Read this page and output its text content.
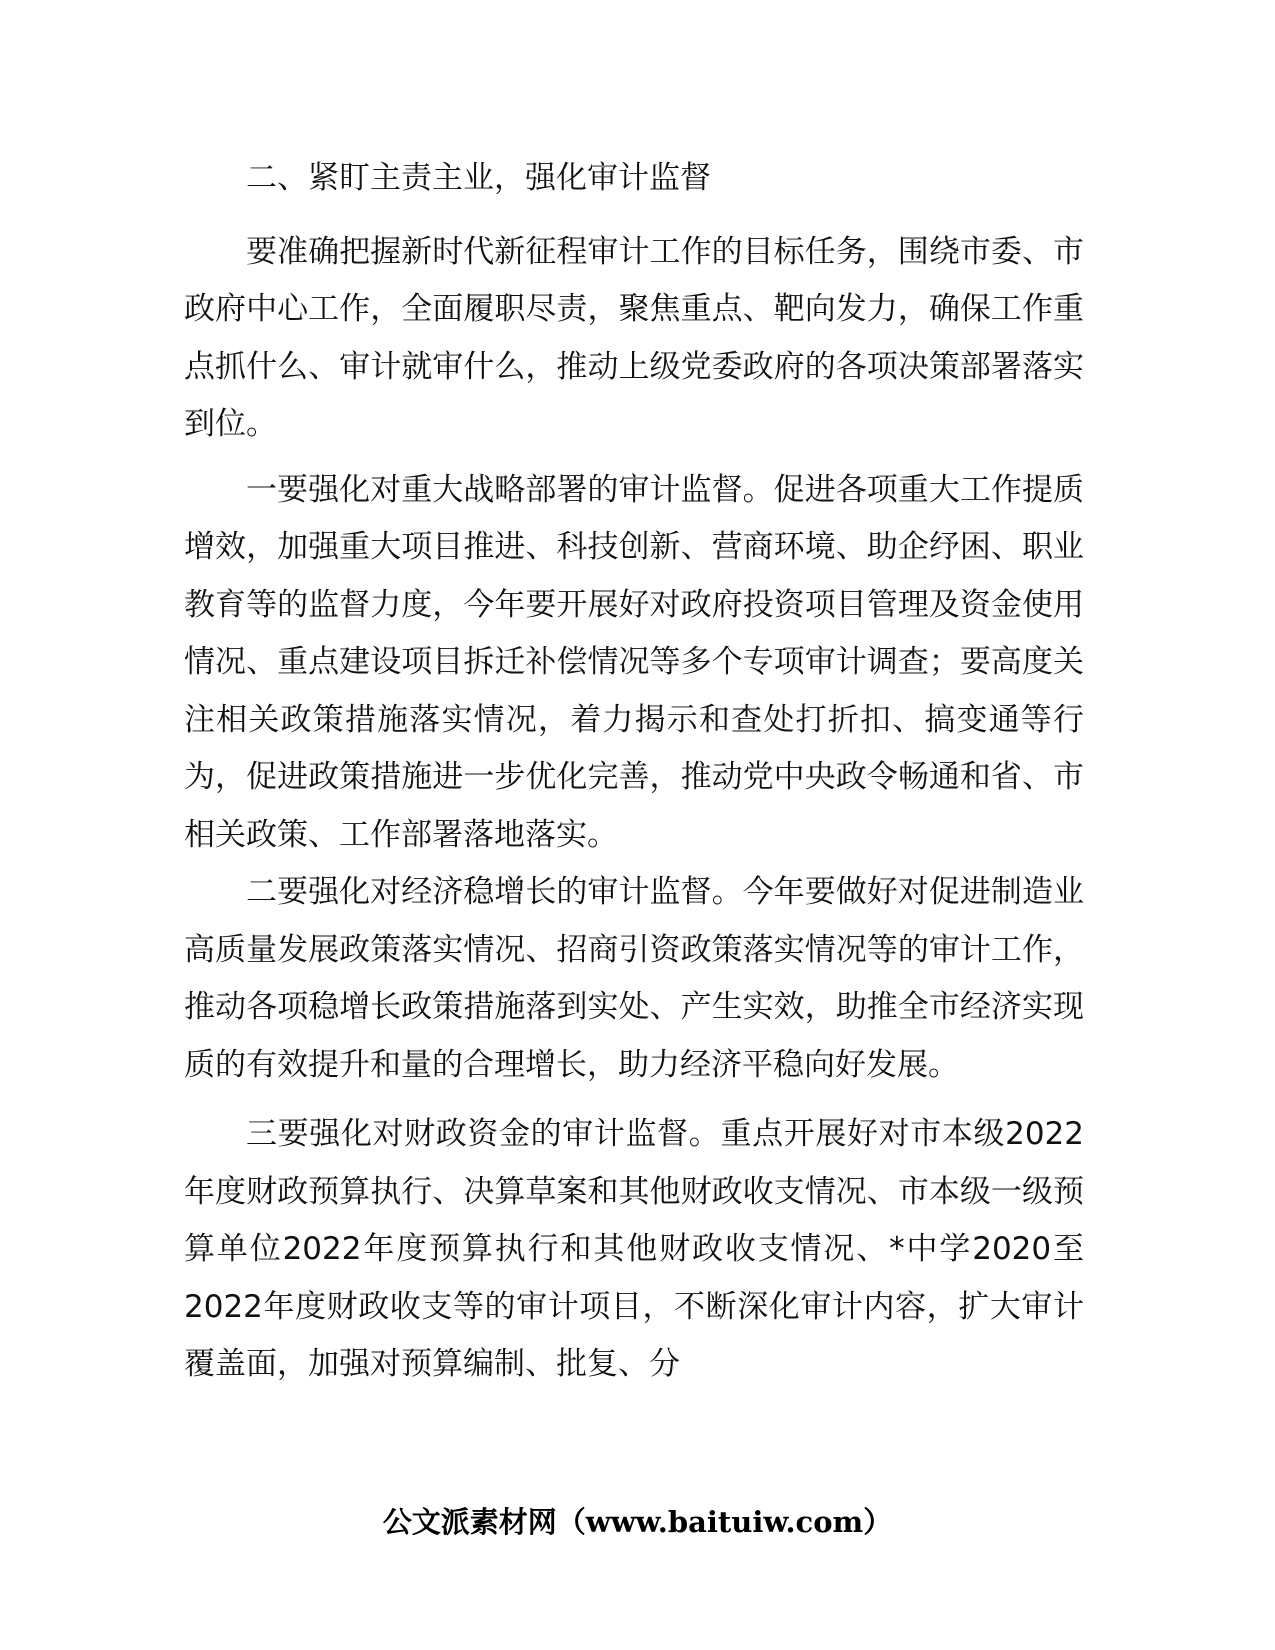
二、紧盯主责主业，强化审计监督

要准确把握新时代新征程审计工作的目标任务，围绕市委、市政府中心工作，全面履职尽责，聚焦重点、靶向发力，确保工作重点抓什么、审计就审什么，推动上级党委政府的各项决策部署落实到位。

一要强化对重大战略部署的审计监督。促进各项重大工作提质增效，加强重大项目推进、科技创新、营商环境、助企纾困、职业教育等的监督力度，今年要开展好对政府投资项目管理及资金使用情况、重点建设项目拆迁补偿情况等多个专项审计调查；要高度关注相关政策措施落实情况，着力揭示和查处打折扣、搞变通等行为，促进政策措施进一步优化完善，推动党中央政令畅通和省、市相关政策、工作部署落地落实。

二要强化对经济稳增长的审计监督。今年要做好对促进制造业高质量发展政策落实情况、招商引资政策落实情况等的审计工作，推动各项稳增长政策措施落到实处、产生实效，助推全市经济实现质的有效提升和量的合理增长，助力经济平稳向好发展。

三要强化对财政资金的审计监督。重点开展好对市本级2022年度财政预算执行、决算草案和其他财政收支情况、市本级一级预算单位2022年度预算执行和其他财政收支情况、*中学2020至2022年度财政收支等的审计项目，不断深化审计内容，扩大审计覆盖面，加强对预算编制、批复、分

公文派素材网（www.baituiw.com）
